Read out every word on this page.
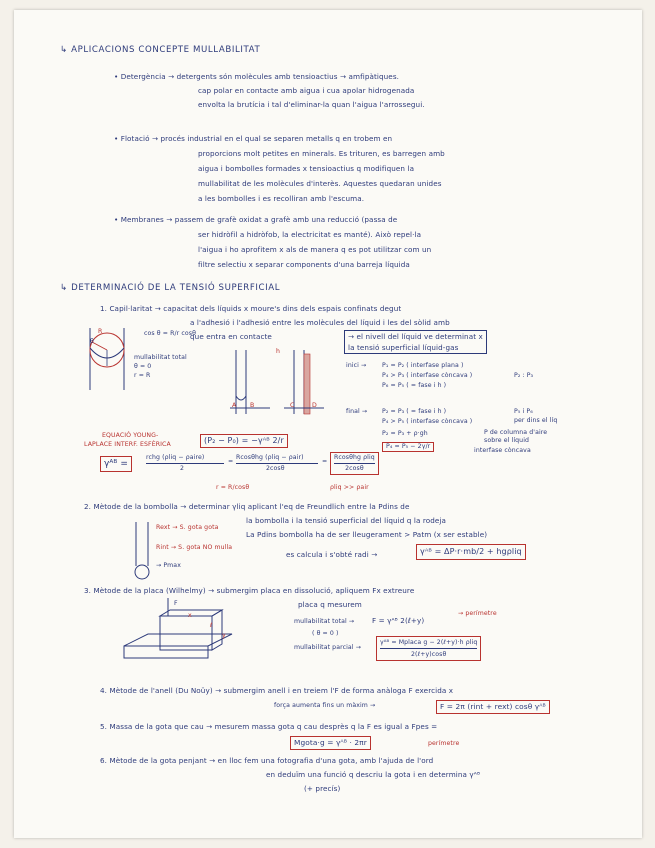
↳ APLICACIONS CONCEPTE MULLABILITAT
• Detergència → detergents són molècules amb tensioactius → amfipàtiques.
cap polar en contacte amb aigua i cua apolar hidrogenada
envolta la brutícia i tal d'eliminar-la quan l'aigua l'arrossegui.
• Flotació → procés industrial en el qual se separen metalls q en trobem en
proporcions molt petites en minerals. Es trituren, es barregen amb
aigua i bombolles formades x tensioactius q modifiquen la
mullabilitat de les molècules d'interès. Aquestes quedaran unides
a les bombolles i es recolliran amb l'escuma.
• Membranes → passem de grafè oxidat a grafè amb una reducció (passa de
ser hidròfil a hidròfob, la electricitat es manté). Això repel·la
l'aigua i ho aprofitem x als de manera q es pot utilitzar com un
filtre selectiu x separar components d'una barreja líquida
↳ DETERMINACIÓ DE LA TENSIÓ SUPERFICIAL
1. Capil·laritat → capacitat dels líquids x moure's dins dels espais confinats degut
a l'adhesió i l'adhesió entre les molècules del líquid i les del sòlid amb
que entra en contacte	→ el nivell del líquid ve determinat x
la tensió superficial líquid-gas
R
θ
cos θ = R/r cosθ
mullabilitat total
θ = 0
r = R
h
A B	C	D
inici →	P₁ = P₂ ( interfase plana )
P₄ > P₃ ( interfase còncava )
P₆ = P₅ ( = fase i h )
P₂ : P₃
final → P₂ = P₃ ( = fase i h )
P₄ > P₅ ( interfase còncava )
P₂ = P₃ + ρ·gh
P₄ = P₅ − 2γ/r
P₅ i P₆
per dins el líq
P de columna d'aire
sobre el líquid
interfase còncava
EQUACIÓ YOUNG-
LAPLACE INTERF. ESFÈRICA	(P₂ − P₀) = −γᴬᴮ 2/r
γᴬᴮ =
rchg (ρliq − ρaire)
2
=
Rcosθhg (ρliq − ρair)
2cosθ
=
Rcosθhg ρliq
2cosθ
r = R/cosθ	ρliq >> ρair
2. Mètode de la bombolla → determinar γliq aplicant l'eq de Freundlich entre la Pdins de
la bombolla i la tensió superficial del líquid q la rodeja
La Pdins bombolla ha de ser lleugerament > Patm (x ser estable)
es calcula i s'obté radi →	γᴬᴮ = ΔP·r·mb/2 + hgρliq
Rext → S. gota gota
Rint → S. gota NO mulla
→ Pmax
3. Mètode de la placa (Wilhelmy) → submergim placa en dissolució, apliquem Fx extreure
placa q mesurem
mullabilitat total → F = γᴬᴮ 2(ℓ+y)
→ perímetre
( θ = 0 )
mullabilitat parcial →
γᴬᴮ = Mplaca g − 2(ℓ+y)·h ρliq
2(ℓ+y)cosθ
F
x
ℓ
y
4. Mètode de l'anell (Du Noüy) → submergim anell i en treiem l'F de forma anàloga F exercida x
força aumenta fins un màxim →	F = 2π (rint + rext) cosθ γᴬᴮ
5. Massa de la gota que cau → mesurem massa gota q cau desprès q la F es igual a Fpes =
Mgota·g = γᴬᴮ · 2πr	perímetre
6. Mètode de la gota penjant → en lloc fem una fotografia d'una gota, amb l'ajuda de l'ord
en deduïm una funció q descriu la gota i en determina γᴬᴮ
(+ precís)
